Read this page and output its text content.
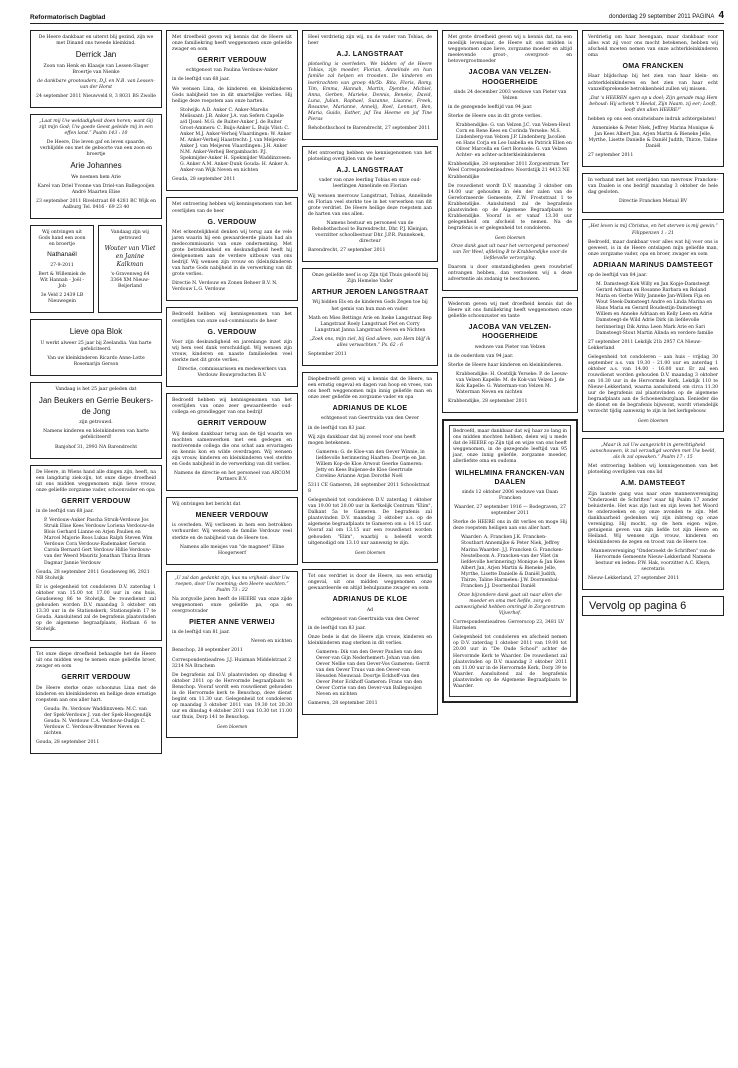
Reformatorisch Dagblad	donderdag 29 september 2011 PAGINA 4

De Heere dankbaar en uiterst blij gezind, zijn we met Dinand ons tweede kleinkind.

Derrick Jan

Zoon van Henk en Klaasje van Lessen-Slager Broertje van Nienke

de dankbare grootouders, D.J. en N.B. van Lessen-van der Horst

24 september 2011 Nieuwveld 8, 3 8031 BS Zwolle

„Laat mij Uw weldadigheid doen horen; want Gij zijt mijn God; Uw goede Geest geleide mij in een effen land.” Psalm 143 : 10

De Heere, Die leven gaf en leven spaarde, verblijdde ons met de geboorte van een zoon en broertje

Arie Johannes

We noemen hem Arie

Karel van Driel Yvonne van Driel-van Ballegooijen André Maarten Elise

23 september 2011 Rivelstraat 60 4281 BC Wijk en Aalburg Tel. 0416 - 69 23 40

Wij ontvingen uit Gods hand een zoon en broertje

Nathanaël

27-9-2011

Bert & Willemiek de Wit Hannah - Joël - Job

3e Veld 2 2439 LB Nieuwegein

Vandaag zijn wij getrouwd

Wouter van Vliet en Janine Kalkman

's-Gravenweg 64 3364 XM Nieuw-Beijerland

Lieve opa Blok

U werkt alweer 25 jaar bij Zeelandia. Van harte gefeliciteerd.

Van uw kleinkinderen Ricardo Anne-Lotte Rosemarijn Gerson

Vandaag is het 25 jaar geleden dat

Jan Beukers en Gerrie Beukers-de Jong

zijn getrouwd.

Namens kinderen en kleinkinderen van harte gefeliciteerd!

Banjohof 31, 2993 NA Barendrecht

De Heere, in Wiens hand alle dingen zijn, heeft, na een langdurig ziek-zijn, tot onze diepe droefheid uit ons midden weggenomen mijn lieve vrouw, onze geliefde zorgzame vader, schoonvader en opa

GERRIT VERDOUW

in de leeftijd van 68 jaar.

P. Verdouw-Anker Pascha Struik-Verdouw Jos Struik Elise Kees Verdouw Loriena Verdouw-de Blois Gerhard Lianne en Arjen Paulien en Marcel Majorie Roos Lukas Ralph Steven Wim Verdouw Cora Verdouw-Rademaker Gerwin Carola Bernard Gert Verdouw Hillie Verdouw-van der Weerd Mauritz Jonathan Thirza Bram Dagmar Jannie Verdouw

Gouda, 28 september 2011 Goudseweg 86, 2921 NB Stolwijk

Er is gelegenheid tot condoleren D.V. zaterdag 1 oktober van 15.00 tot 17.00 uur in ons huis, Goudseweg 86 te Stolwijk. De rouwdienst zal gehouden worden D.V. maandag 3 oktober om 13.30 uur in de Stationskerk, Stationsplein 17 te Gouda. Aansluitend zal de begrafenis plaatsvinden op de algemene begraafplaats, Hoflaan 6 te Stolwijk.

Tot onze diepe droefheid behaagde het de Heere uit ons midden weg te nemen onze geliefde broer, zwager en oom

GERRIT VERDOUW

De Heere sterke onze schoonzus Lina met de kinderen en kleinkinderen en hellige deze ernstige roepstem aan ons aller hart.

Gouda: Ps. Verdouw Waddinxveen: M.C. van der Spek-Verdouw J. van der Spek-Hoogendijk Gouda: N. Verdouw C.A. Verdouw-Oudijn C. Verdouw C. Verdouw-Bremmer Neven en nichten

Gouda, 28 september 2011

Met droefheid geven wij kennis dat de Heere uit onze familiekring heeft weggenomen onze geliefde zwager en oom

GERRIT VERDOUW

echtgenoot van Paulina Verdouw-Anker

in de leeftijd van 68 jaar.

We wensen Lina, de kinderen en kleinkinderen Gods nabijheid toe in dit smartelijke verlies. Hij heilige deze roepstem aan onze harten.

Stolwijk: A.D. Anker C. Anker-Marelis Melissant: J.B. Anker J.A. van Sefern Capelle a/d IJssel: M.G. de Ruiter-Anker J. de Ruiter Groot-Ammers: C. Buijs-Anker L. Buijs Vlist: C. Anker M.J. Anker-Verheij Vlaardingen: W. Anker M. Anker-Verheij Haastrecht: J. van Meijeren-Anker J. van Meijeren Vlaardingen: J.H. Anker N.M. Anker-Verheij Bergambacht: P.J. Spekmijder-Anker H. Spekmijder Waddinxveen: G. Anker A.M. Anker-Dunk Gouda: H. Anker A. Anker-van Wijk Neven en nichten

Gouda, 28 september 2011

Met ontroering hebben wij kennisgenomen van het overlijden van de heer

G. VERDOUW

Met erkentelijkheid denken wij terug aan de vele jaren waarin hij een gewaardeerde plaats had als medecommissaris van onze onderneming. Met grote betrokkenheid en deskundigheid heeft hij deelgenomen aan de verdere uitbouw van ons bedrijf. Wij wensen zijn vrouw en (klein)kinderen van harte Gods nabijheid in de verwerking van dit grote verlies.

Directie N. Verdouw en Zonen Beheer B.V. N. Verdouw L.G. Verdouw

Bedroefd hebben wij kennisgenomen van het overlijden van onze oud-commissaris de heer

G. VERDOUW

Voor zijn deskundigheid en jarenlange inzet zijn wij hem veel dank verschuldigd. Wij wensen zijn vrouw, kinderen en naaste familieleden veel sterkte met dit grote verlies.

Directie, commissarissen en medewerkers van Verdouw Bouwproducten B.V.

Bedroefd hebben wij kennisgenomen van het overlijden van onze zeer gewaardeerde oud-collega en grondlegger van ons bedrijf

GERRIT VERDOUW

Wij denken dankbaar terug aan de tijd waarin we mochten samenwerken met een gedegen en motiverende collega die ons schat aan ervaringen en kennis kon en wilde overdragen. Wij wensen zijn vrouw, kinderen en kleinkinderen veel sterkte en Gods nabijheid in de verwerking van dit verlies.

Namens de directie en het personeel van ARCOM Partners B.V.

Wij ontvingen het bericht dat

MENEER VERDOUW

is overleden. Wij verliezen in hem een betrokken verhuurder. Wij wensen de familie Verdouw veel sterkte en de nabijheid van de Heere toe.

Namens alle meisjes van "de magneet" Eline Hoogerwerf

„U zal dan gedankt zijn, kus nu vrijheid: door Uw roepen, door Uw noeming; den Heere wachten.” Psalm 73 : 22

Na zorgvolle jaren heeft de HEERE van onze zijde weggenomen onze geliefde pa, opa en overgrootvader

PIETER ANNE VERWEIJ

in de leeftijd van 81 jaar.

Neven en nichten

Benschop, 28 september 2011

Correspondentieadres: J.J. Huisman Middelstraat 2 3214 NA Brachem

De begrafenis zal D.V. plaatsvinden op dinsdag 4 oktober 2011 op de Hervormde begraafplaats te Benschop. Vooraf wordt een rouwdienst gehouden in de Hervormde kerk te Benschop, deze dienst begint om 11.30 uur. Gelegenheid tot condoleren op maandag 3 oktober 2011 van 19.30 tot 20.30 uur en dinsdag 4 oktober 2011 van 10.30 tot 11.00 uur thuis, Dorp 141 te Benschop.

Geen bloemen

Heel verdrietig zijn wij, nu de vader van Tobias, de heer

A.J. LANGSTRAAT

plotseling is overleden. We bidden of de Heere Tobias, zijn moeder, Florian, Annelinde en hun familie zal helpen en troosten. De kinderen en leerkrachten van groep 4b/5b. Rita, Floris, Romy, Tim, Emma, Hannah, Martin, Djenthe, Michiel, Anna, Gerben, Marieke, Dennis, Beneke, David, Luna, Julian, Raphael, Suzanne, Lisanne, Freek, Rosanne, Marianne, Annelij, Roel, Lennart, Ben, Maria, Guido, Esther, juf Tea Heeme en juf Tine Pieras

Rehobothschool te Barendrecht, 27 september 2011

Met ontroering hebben we kennisgenomen van het plotseling overlijden van de heer

A.J. LANGSTRAAT

vader van onze leerling Tobias en onze oud-leerlingen Annelinde en Florian

Wij wensen mevrouw Langstraat, Tobias, Annelinde en Florian veel sterkte toe in het verwerken van dit grote verdriet. De Heere heilige deze roepstem aan de harten van ons allen.

Namens bestuur en personeel van de Rehobothschool te Barendrecht, Dhr. P.J. Kleinjan, voorzitter schoolbestuur Dhr. J.P.R. Pannekoek, directeur

Barendrecht, 27 september 2011

Onze geliefde neef is op Zijn tijd Thuis geloofd bij Zijn Hemelse Vader

ARTHUR JEROEN LANGSTRAAT

Wij bidden Els en de kinderen Gods Zegen toe bij het gemis van hun man en vader.

Math en Mies Bettings Arie en Ineke Langstraat Bep Langstraat Roely Langstraat Piet en Corry Langstraat Janna Langstraat Neven en Nichten

„Zoek ons, mijn ziel, bij God alleen, van Hem blijf ik alles verwachten.” Ps. 62 : 6

September 2011

Diepbedroefd geven wij u kennis dat de Heere, na een ernstig ongeval en dagen van hoop en vrees, van ons heeft weggenomen mijn innig geliefde man en onze zeer geliefde en zorgzame vader en opa

ADRIANUS DE KLOE

echtgenoot van Geertruida van den Oever

in de leeftijd van 83 jaar.

Wij zijn dankbaar dat hij zoveel voor ons heeft mogen betekenen.

Gameren: G. de Kloe-van den Oever Winnie, in liefdevolle herinnering Haaften: Doortje en Jan Willem Kop-de Kloe Arwout Geerke Gameren: Jetty en Kees Buijense-de Kloe Geertrude Coreline Arianne Arjan Dorothé Noël

5311 CE Gameren, 28 september 2011 Schoolstraat 8

Gelegenheid tot condoleren D.V. zaterdag 1 oktober van 19.00 tot 20.00 uur in Kerkelijk Centrum "Elim", Dalkant 5a te Gameren. De begrafenis zal plaatsvinden D.V. maandag 3 oktober a.s. op de algemene begraafplaats te Gameren om ± 14.15 uur. Vooraf zal om 13.15 uur een rouwdienst worden gehouden "Elim", waarbij u beleefd wordt uitgenodigd om 13.10 uur aanwezig te zijn.

Geen bloemen

Tot ons verdriet is door de Heere, na een ernstig ongeval, uit ons midden weggenomen onze gewaardeerde en altijd behulpzame zwager en oom

ADRIANUS DE KLOE

Ad

echtgenoot van Geertruida van den Oever

in de leeftijd van 83 jaar.

Onze bede is dat de Heere zijn vrouw, kinderen en kleinkinderen mag sterken in dit verlies.

Gameren: Dik van den Oever Paulien van den Oever-van Gijn Nederhemert: Johan van den Oever Nellie van den Oever-Vos Gameren: Gerrit van den Oever Truus van den Oever-van Heusden Nieuwaal: Doortje Eckhoff-van den Oever Peter Eckhoff Gameren: Frans van den Oever Corrie van den Oever-van Ballegooijen Neven en nichten

Gameren, 28 september 2011

Met grote droefheid geven wij u kennis dat, na een moeilijk levensjaar, de Heere uit ons midden is weggenomen onze lieve, zorgzame moeder en altijd meelevende groot-, overgroot- en betovergrootmoeder

JACOBA VAN VELZEN-HOOGERHEIDE

sinds 24 december 2003 weduwe van Pieter van Velzen

in de gezegende leeftijd van 94 jaar.

Sterke de Heere ons in dit grote verlies.

Krabbendijke: G. van Velzen J.C. van Velzen-Heut Corn en Rene Kees en Corinda Yerseke: M.S. Lindenberg-van Velzen J.P. Lindenberg Jacolien en Hans Corja en Leo Isabella en Patrick Ellen en Oliver Marcella en Gert Borssele: G. van Velzen Achter- en achter-achterkleinkinderen

Krabbendijke, 28 september 2011 Zorgcentrum Ter Weel Correspondentieadres: Noordstijk 21 4413 NE Krabbendijke

De rouwdienst wordt D.V. maandag 3 oktober om 14.00 uur gehouden in één der zalen van de Gereformeerde Gemeente, Z.W. Froststraat 1 te Krabbendijke. Aansluitend zal de begrafenis plaatsvinden op de Algemene Begraafplaats te Krabbendijke. Vooraf is er vanaf 13.30 uur gelegenheid om afscheid te nemen. Na de begrafenis is er gelegenheid tot condoleren.

Geen bloemen

Onze dank gaat uit naar het verzorgend personeel van Ter Weel, afdeling B te Krabbendijke voor de liefdevolle verzorging.

Daarom u door omstandigheden geen rouwbrief ontvangen hebben, dan verzoeken wij u deze advertentie als zodanig te beschouwen.

Wederom geven wij met droefheid kennis dat de Heere uit ons familiekring heeft weggenomen onze geliefde schoonzuster en tante

JACOBA VAN VELZEN-HOOGERHEIDE

weduwe van Pieter van Velzen

in de ouderdom van 94 jaar.

Sterke de Heere haar kinderen en kleinkinderen.

Krabbendijke: H. Oostdijk Yerseke: P. de Leeuw-van Velzen Kapelle: M. de Kok-van Velzen J. de Kok Kapelle: G. Waterman-van Velzen M. Waterman Neven en nichten

Krabbendijke, 28 september 2011

Bedroefd, maar dankbaar dat wij haar zo lang in ons midden mochten hebben, delen wij u mede dat de HEERE op Zijn tijd en wijze van ons heeft weggenomen, in de gezegende leeftijd van 95 jaar, onze innig geliefde, zorgzame moeder, allerliefste oma en oudoma

WILHELMINA FRANCKEN-VAN DAALEN

sinds 12 oktober 2006 weduwe van Daan Francken

Waarder, 27 september 1916 — Bodegraven, 27 september 2011

Sterke de HEERE ons in dit verlies en moge Hij deze roepstem heiligen aan ons aller hart.

Waarder: A. Francken J.K. Francken-Stoutbart Annemijke & Peter Niek, Jeffrey Marina Waarder: J.J. Francken G. Francken-Neutelboom A. Francken-van der Vliet (in liefdevolle herinnering) Monique & Jan Kees Albert Jan, Arjen Martin & Bieneke Jelle, Myrthe, Lisette Danielle & Daniël Judith, Thirze, Taline Harmelen: J.W. Doornenbal-Francken J.J. Doornenbal Daniël

Onze bijzondere dank gaat uit naar allen die moeder en oma met liefde, zorg en aanwezigheid hebben omringd in Zorgcentrum Vijverhof.

Correspondentieadres: Gerverscop 23, 3481 LV Harmelen

Gelegenheid tot condoleren en afscheid nemen op D.V. zaterdag 1 oktober 2011 van 19.00 tot 20.00 uur in "De Oude School" achter de Hervormde Kerk te Waarder. De rouwdienst zal plaatsvinden op D.V. maandag 3 oktober 2011 om 11.00 uur in de Hervormde Kerk, Dorp 39 te Waarder. Aansluitend zal de begrafenis plaatsvinden op de Algemene Begraafplaats te Waarder.

Verdrietig om haar heengaan, maar dankbaar voor alles wat zij voor ons mocht betekenen, hebben wij afscheid moeten nemen van onze achterkleinkinderen oma

OMA FRANCKEN

Haar blijdschap bij het zien van haar klein- en achterkleinkinderen en het zien van haar echt vanzelfsprekende betrokkenheid zullen wij missen.

„Dat 's HEEREN ogen op u doel; Zijn genade mag Hem behoud: Hij schenk 't Heelal, Zijn Naam, zij eer; Looft, looft den allen HEERE!”

hebben op ons een onuitwisbare indruk achtergelaten!

Annemieke & Peter Niek, Jeffrey Marina Monique & Jan Kees Albert Jan, Arjen Martin & Bieneke Jelle, Myrthe, Lisette Danielle & Daniël Judith, Thirze, Taline Daniël

27 september 2011

In verband met het overlijden van mevrouw Francken-van Daalen is ons bedrijf maandag 3 oktober de hele dag gesloten.

Directie Francken Metaal BV

„Het leven is mij Christus, en het sterven is mij gewin.” Filippenzen 1 : 21

Bedroefd, maar dankbaar voor alles wat hij voor ons is geweest, is in de Heere ontslapen mijn geliefde man, onze zorgzame vader, opa en broer, zwager en oom

ADRIAAN MARINUS DAMSTEEGT

op de leeftijd van 84 jaar.

M. Damsteegt-Kok Willy en Jan Kopje-Damsteegt Gerard Adriaan en Rosanne Barbara en Roland Maria en Gerbe Willy Janneke Jan-Willem Fija en Wout Steek-Damsteegt Andre en Linda Marina en Hans Maria en Gerard Boudestijn-Damsteegt Willem en Anneke Adriaan en Kelly Leen en Adrie Damsteegt-de Wild Adrie Dirk (in liefdevolle herinnering) Dik Arina Leen Mark Arie en Sari Damsteegt-Stout Martin Alinda en verdere familie

27 september 2011 Lekdijk 21b 2957 CA Nieuw-Lekkerland

Gelegenheid tot condoleren - aan huis - vrijdag 30 september a.s. van 19.30 - 21.00 uur en zaterdag 1 oktober a.s. van 14.00 - 16.00 uur. Er zal een rouwdienst worden gehouden D.V. maandag 3 oktober om 10.30 uur in de Hervormde Kerk, Lekdijk 110 te Nieuw-Lekkerland, waarna aansluitend om circa 11.30 uur de begrafenis zal plaatsvinden op de algemene begraafplaats aan de Schoenenburglaan. Eenieder die de dienst en de begrafenis bijwoont, wordt vriendelijk verzocht tijdig aanwezig te zijn in het kerkgebouw.

Geen bloemen

„Maar ik zal Uw aangezicht in gerechtigheid aanschouwen, ik zal verzadigd worden met Uw beeld, als ik zal opwaken.” Psalm 17 : 15

Met ontroering hebben wij kennisgenomen van het plotseling overlijden van ons lid

A.M. DAMSTEEGT

Zijn laatste gang was naar onze mannenvereniging "Onderzoekt de Schriften" waar hij Psalm 17 zonder beluisterde. Het was zijn lust en zijn leven het Woord te onderzoeken en op onze avonden te zijn. Met dankbaarheid gedenken wij zijn inbreng op onze vereniging. Hij mocht, op de hem eigen wijze, getuigenis geven van zijn liefde tot zijn Heere en Heiland. Wij wensen zijn vrouw, kinderen en kleinkinderen de zegen en troost van de Heere toe.

Mannenvereniging "Onderzoekt de Schriften" van de Hervormde Gemeente Nieuw-Lekkerland Namens bestuur en leden: P.W. Hak, voorzitter A.C. Kleyn, secretaris

Nieuw-Lekkerland, 27 september 2011

Vervolg op pagina 6
